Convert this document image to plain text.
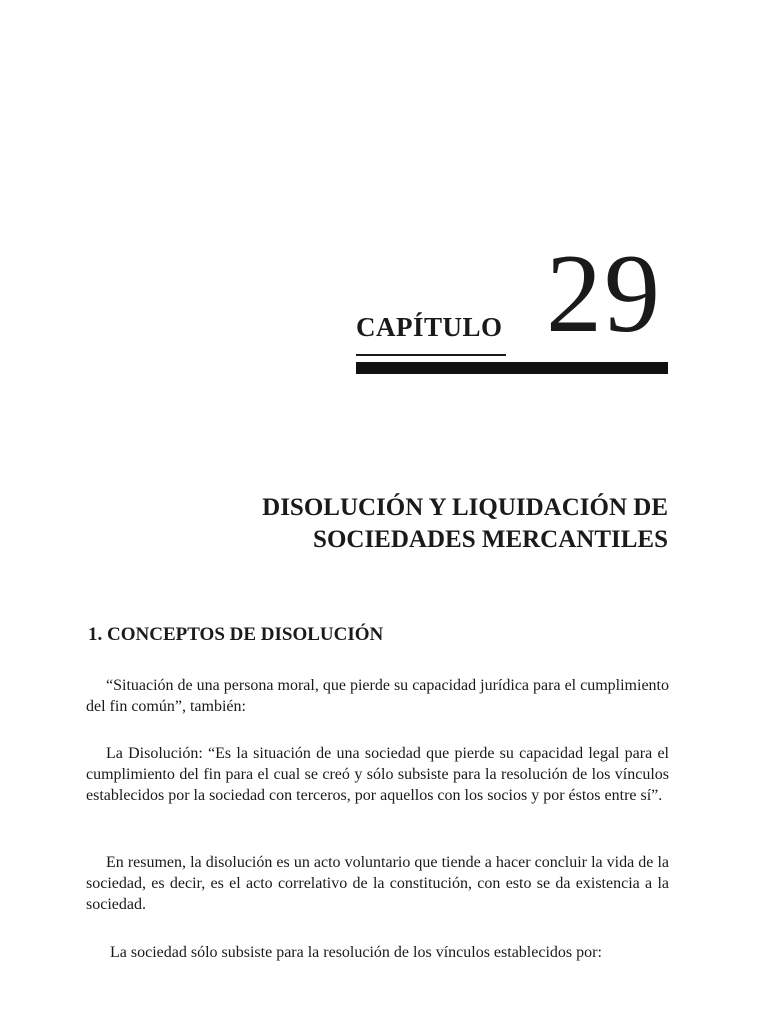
CAPÍTULO 29
DISOLUCIÓN Y LIQUIDACIÓN DE
SOCIEDADES MERCANTILES
1. CONCEPTOS DE DISOLUCIÓN

“Situación de una persona moral, que pierde su capacidad jurídica para el cumplimiento del fin común”, también:

La Disolución: “Es la situación de una sociedad que pierde su capacidad legal para el cumplimiento del fin para el cual se creó y sólo subsiste para la resolución de los vínculos establecidos por la sociedad con terceros, por aquellos con los socios y por éstos entre sí”.

En resumen, la disolución es un acto voluntario que tiende a hacer concluir la vida de la sociedad, es decir, es el acto correlativo de la constitución, con esto se da existencia a la sociedad.

La sociedad sólo subsiste para la resolución de los vínculos establecidos por:
